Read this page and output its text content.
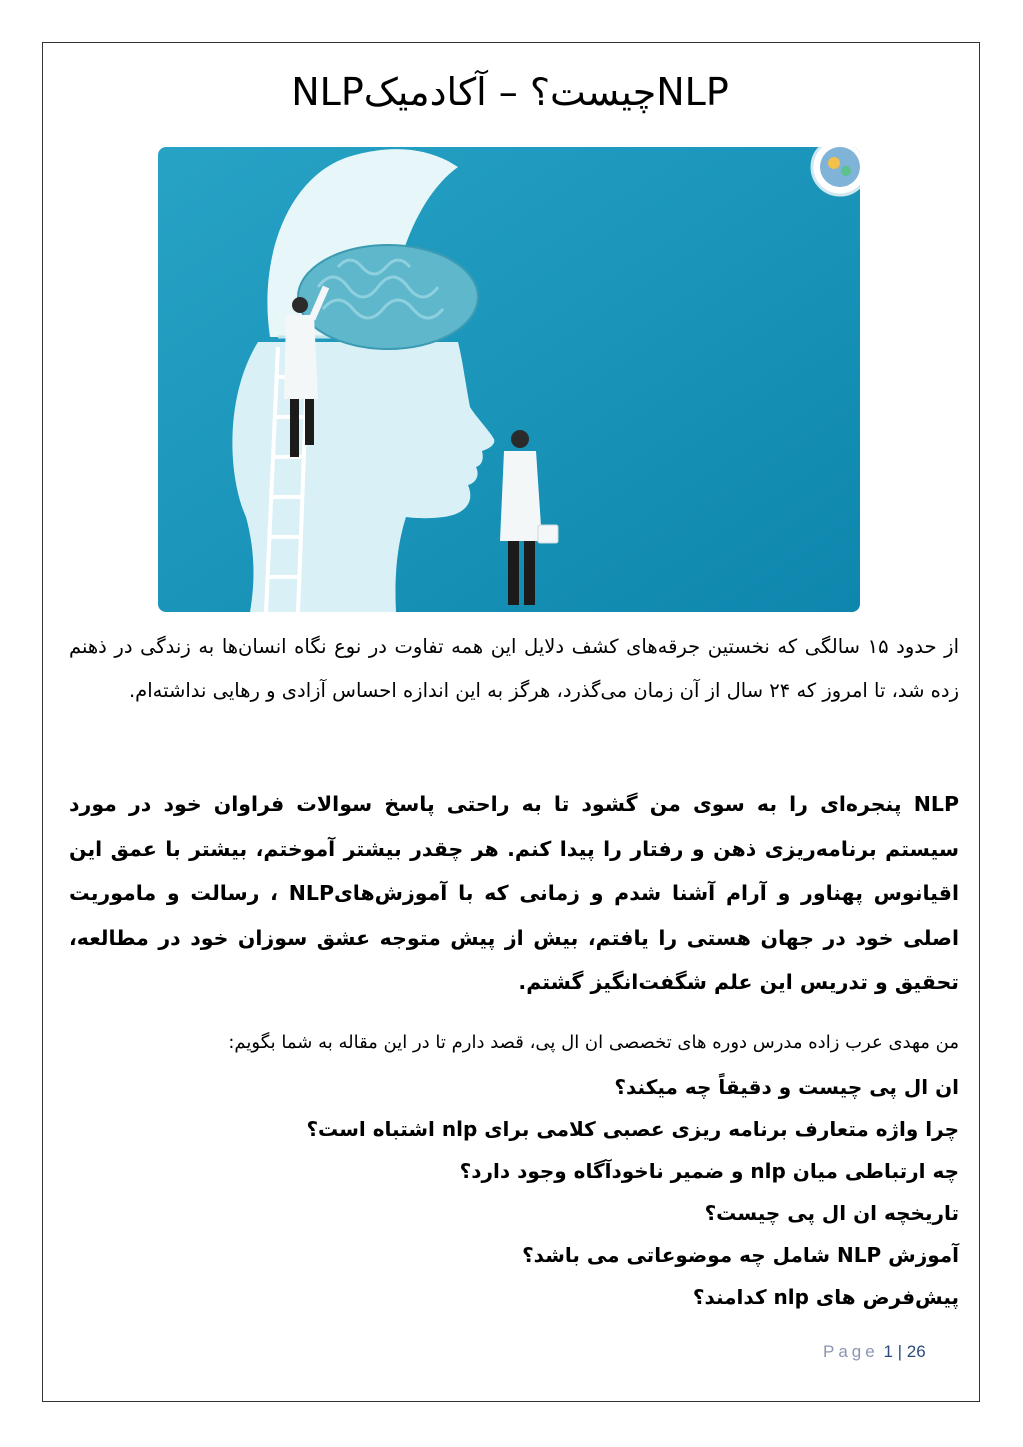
NLPچیست؟ – آکادمیکNLP

از حدود ۱۵ سالگی که نخستین جرقه‌های کشف دلایل این همه تفاوت در نوع نگاه انسان‌ها به زندگی در ذهنم زده شد، تا امروز که ۲۴ سال از آن زمان می‌گذرد، هرگز به این اندازه احساس آزادی و رهایی نداشته‌ام.

NLP پنجره‌ای را به سوی من گشود تا به راحتی پاسخ سوالات فراوان خود در مورد سیستم برنامه‌ریزی ذهن و رفتار را پیدا کنم. هر چقدر بیشتر آموختم، بیشتر با عمق این اقیانوس پهناور و آرام آشنا شدم و زمانی که با آموزش‌هایNLP ، رسالت و ماموریت اصلی خود در جهان هستی را یافتم، بیش از پیش متوجه عشق سوزان خود در مطالعه، تحقیق و تدریس این علم شگفت‌انگیز گشتم.

من مهدی عرب زاده مدرس دوره های تخصصی ان ال پی، قصد دارم تا در این مقاله به شما بگویم:
ان ال پی چیست و دقیقاً چه میکند؟
چرا واژه متعارف برنامه ریزی عصبی کلامی برای nlp اشتباه است؟
چه ارتباطی میان nlp و ضمیر ناخودآگاه وجود دارد؟
تاریخچه ان ال پی چیست؟
آموزش NLP شامل چه موضوعاتی می باشد؟
پیش‌فرض های nlp کدامند؟
Page 1 | 26
